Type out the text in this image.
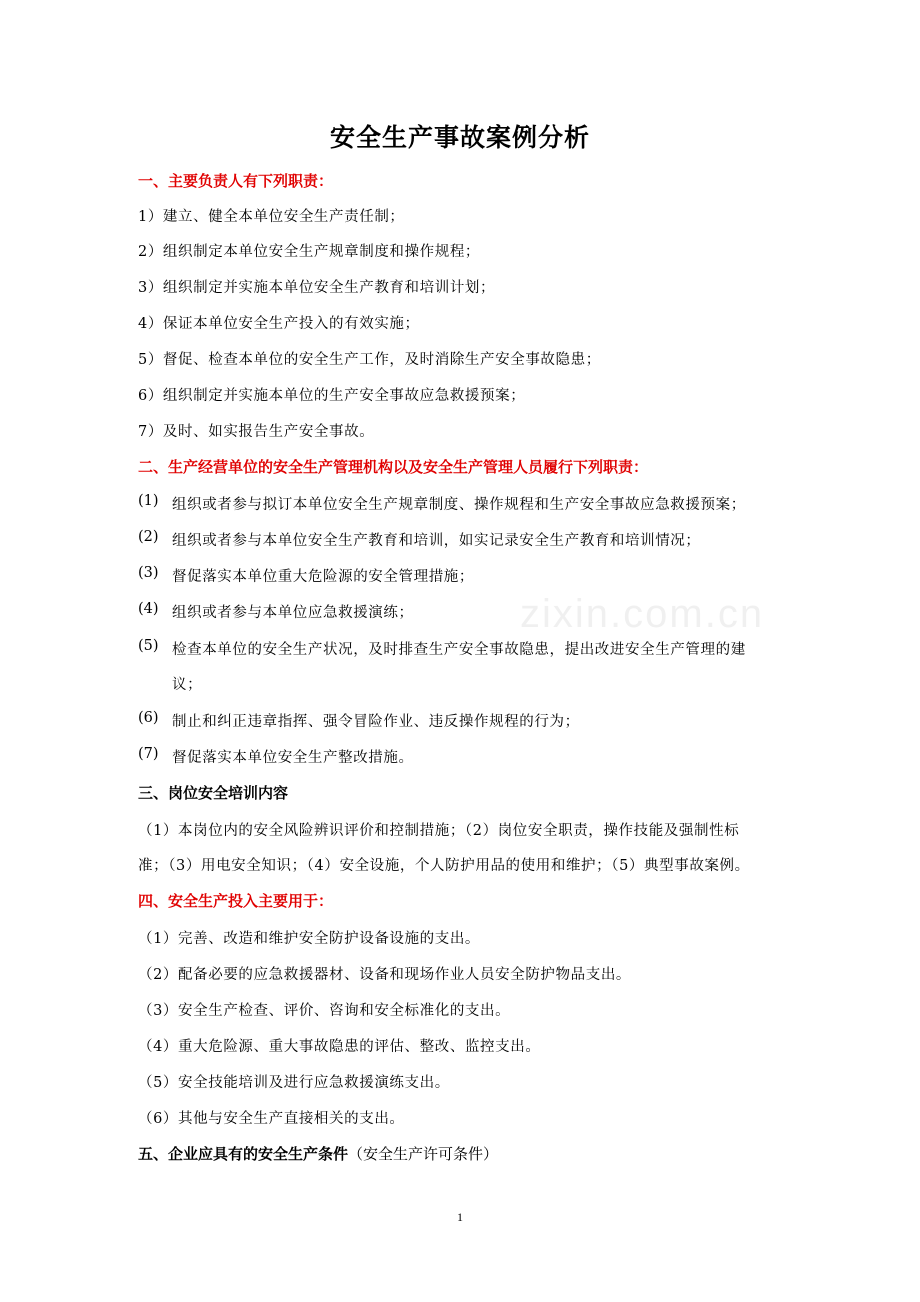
zixin.com.cn
安全生产事故案例分析
一、主要负责人有下列职责：
1）建立、健全本单位安全生产责任制；
2）组织制定本单位安全生产规章制度和操作规程；
3）组织制定并实施本单位安全生产教育和培训计划；
4）保证本单位安全生产投入的有效实施；
5）督促、检查本单位的安全生产工作，及时消除生产安全事故隐患；
6）组织制定并实施本单位的生产安全事故应急救援预案；
7）及时、如实报告生产安全事故。
二、生产经营单位的安全生产管理机构以及安全生产管理人员履行下列职责：
(1) 组织或者参与拟订本单位安全生产规章制度、操作规程和生产安全事故应急救援预案；
(2) 组织或者参与本单位安全生产教育和培训，如实记录安全生产教育和培训情况；
(3) 督促落实本单位重大危险源的安全管理措施；
(4) 组织或者参与本单位应急救援演练；
(5) 检查本单位的安全生产状况，及时排查生产安全事故隐患，提出改进安全生产管理的建
议；
(6) 制止和纠正违章指挥、强令冒险作业、违反操作规程的行为；
(7) 督促落实本单位安全生产整改措施。
三、岗位安全培训内容
（1）本岗位内的安全风险辨识评价和控制措施；（2）岗位安全职责，操作技能及强制性标
准；（3）用电安全知识；（4）安全设施，个人防护用品的使用和维护；（5）典型事故案例。
四、安全生产投入主要用于：
（1）完善、改造和维护安全防护设备设施的支出。
（2）配备必要的应急救援器材、设备和现场作业人员安全防护物品支出。
（3）安全生产检查、评价、咨询和安全标准化的支出。
（4）重大危险源、重大事故隐患的评估、整改、监控支出。
（5）安全技能培训及进行应急救援演练支出。
（6）其他与安全生产直接相关的支出。
五、企业应具有的安全生产条件（安全生产许可条件）
1
